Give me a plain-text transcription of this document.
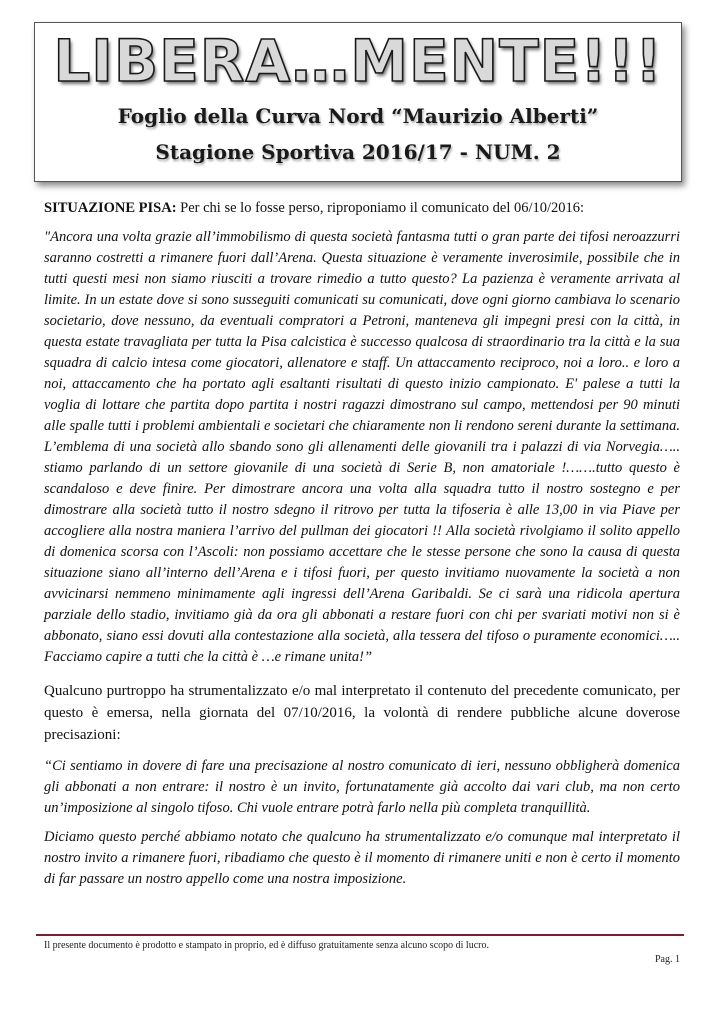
LIBERA…MENTE!!!
Foglio della Curva Nord “Maurizio Alberti”
Stagione Sportiva 2016/17 - NUM. 2

SITUAZIONE PISA: Per chi se lo fosse perso, riproponiamo il comunicato del 06/10/2016:

"Ancora una volta grazie all’immobilismo di questa società fantasma tutti o gran parte dei tifosi neroazzurri saranno costretti a rimanere fuori dall’Arena. Questa situazione è veramente inverosimile, possibile che in tutti questi mesi non siamo riusciti a trovare rimedio a tutto questo? La pazienza è veramente arrivata al limite. In un estate dove si sono susseguiti comunicati su comunicati, dove ogni giorno cambiava lo scenario societario, dove nessuno, da eventuali compratori a Petroni, manteneva gli impegni presi con la città, in questa estate travagliata per tutta la Pisa calcistica è successo qualcosa di straordinario tra la città e la sua squadra di calcio intesa come giocatori, allenatore e staff. Un attaccamento reciproco, noi a loro.. e loro a noi, attaccamento che ha portato agli esaltanti risultati di questo inizio campionato. E' palese a tutti la voglia di lottare che partita dopo partita i nostri ragazzi dimostrano sul campo, mettendosi per 90 minuti alle spalle tutti i problemi ambientali e societari che chiaramente non li rendono sereni durante la settimana. L’emblema di una società allo sbando sono gli allenamenti delle giovanili tra i palazzi di via Norvegia….. stiamo parlando di un settore giovanile di una società di Serie B, non amatoriale !…….tutto questo è scandaloso e deve finire. Per dimostrare ancora una volta alla squadra tutto il nostro sostegno e per dimostrare alla società tutto il nostro sdegno il ritrovo per tutta la tifoseria è alle 13,00 in via Piave per accogliere alla nostra maniera l’arrivo del pullman dei giocatori !! Alla società rivolgiamo il solito appello di domenica scorsa con l’Ascoli: non possiamo accettare che le stesse persone che sono la causa di questa situazione siano all’interno dell’Arena e i tifosi fuori, per questo invitiamo nuovamente la società a non avvicinarsi nemmeno minimamente agli ingressi dell’Arena Garibaldi. Se ci sarà una ridicola apertura parziale dello stadio, invitiamo già da ora gli abbonati a restare fuori con chi per svariati motivi non si è abbonato, siano essi dovuti alla contestazione alla società, alla tessera del tifoso o puramente economici….. Facciamo capire a tutti che la città è …e rimane unita!”

Qualcuno purtroppo ha strumentalizzato e/o mal interpretato il contenuto del precedente comunicato, per questo è emersa, nella giornata del 07/10/2016, la volontà di rendere pubbliche alcune doverose precisazioni:

“Ci sentiamo in dovere di fare una precisazione al nostro comunicato di ieri, nessuno obbligherà domenica gli abbonati a non entrare: il nostro è un invito, fortunatamente già accolto dai vari club, ma non certo un’imposizione al singolo tifoso. Chi vuole entrare potrà farlo nella più completa tranquillità.

Diciamo questo perché abbiamo notato che qualcuno ha strumentalizzato e/o comunque mal interpretato il nostro invito a rimanere fuori, ribadiamo che questo è il momento di rimanere uniti e non è certo il momento di far passare un nostro appello come una nostra imposizione.

Il presente documento è prodotto e stampato in proprio, ed è diffuso gratuitamente senza alcuno scopo di lucro.
Pag. 1
